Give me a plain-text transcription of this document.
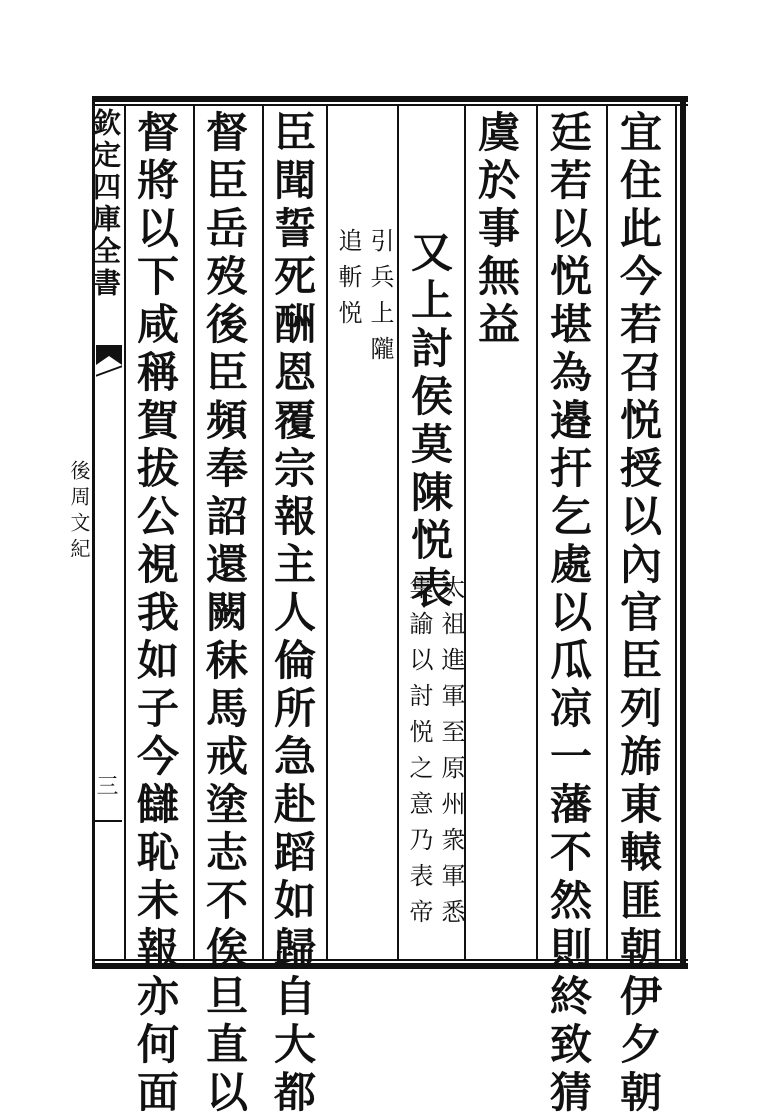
宜住此今若召悦授以內官臣列旆東轅匪朝伊夕朝
廷若以悦堪為邉扞乞處以瓜凉一藩不然則終致猜
虞於事無益
又上討侯莫陳悦表
太祖進軍至原州衆軍悉
集諭以討悦之意乃表帝
引兵上隴
追斬悦
臣聞誓死酬恩覆宗報主人倫所急赴蹈如歸自大都
督臣岳歿後臣頻奉詔還闕秣馬戒塗志不俟旦直以
督將以下咸稱賀拔公視我如子今讎恥未報亦何面
欽定四庫全書
後周文紀
三
